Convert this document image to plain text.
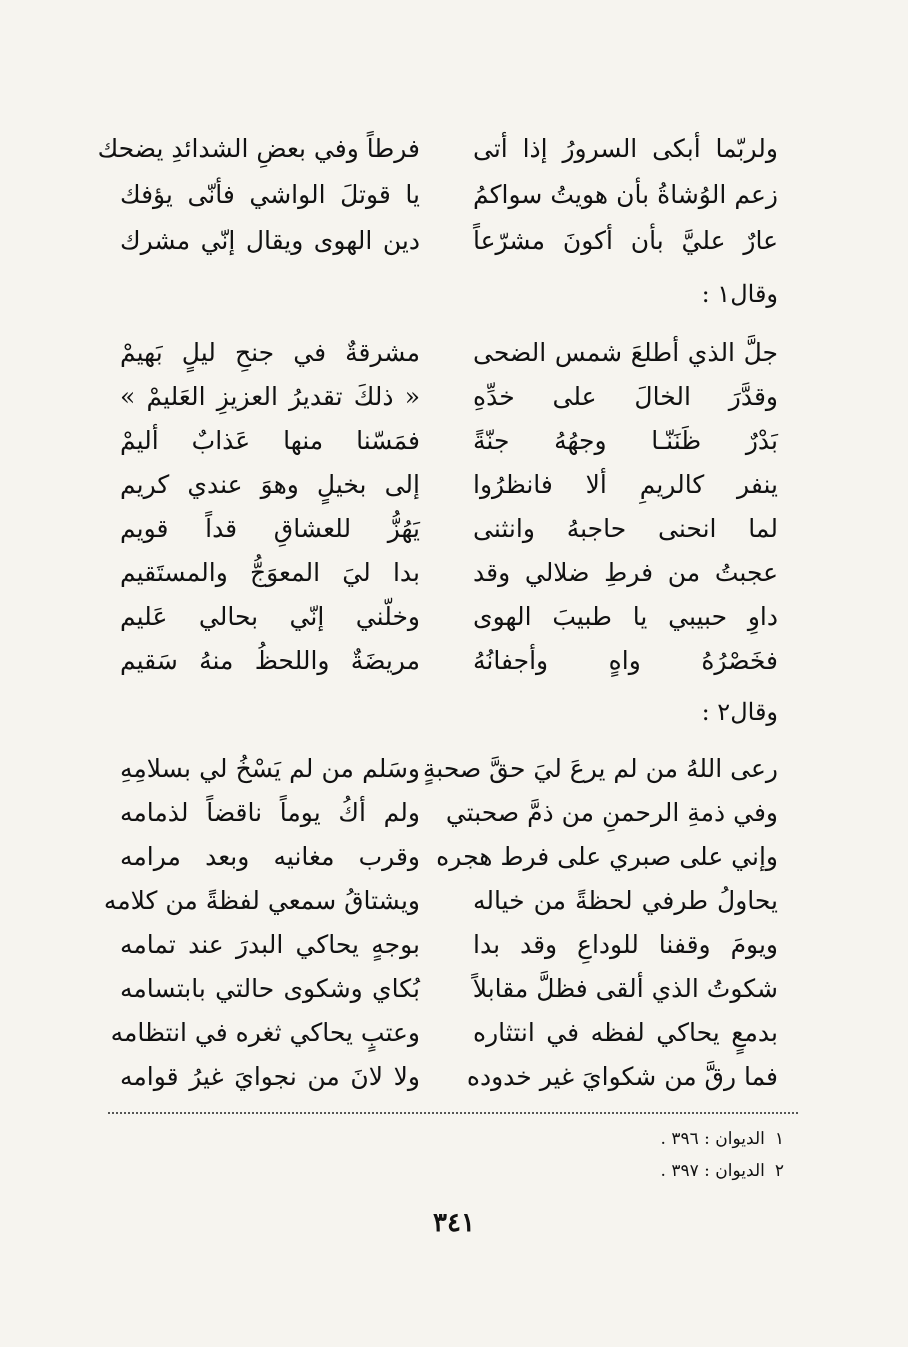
ولربّما أبكى السرورُ إذا أتى
فرطاً وفي بعضِ الشدائدِ يضحك
زعم الوُشاةُ بأن هويتُ سواكمُ
يا قوتلَ الواشي فأنّى يؤفك
عارٌ عليَّ بأن أكونَ مشرّعاً
دين الهوى ويقال إنّي مشرك
وقال١ :
جلَّ الذي أطلعَ شمس الضحى
مشرقةٌ في جنحِ ليلٍ بَهيمْ
وقدَّرَ الخالَ على خدِّهِ
« ذلكَ تقديرُ العزيزِ العَليمْ »
بَدْرٌ ظَنَنّـا وجهُهُ جنّةً
فمَسّنا منها عَذابٌ أليمْ
ينفر كالريمِ ألا فانظرُوا
إلى بخيلٍ وهوَ عندي كريم
لما انحنى حاجبهُ وانثنى
يَهُزُّ للعشاقِ قداً قويم
عجبتُ من فرطِ ضلالي وقد
بدا ليَ المعوَجُّ والمستَقيم
داوِ حبيبي يا طبيبَ الهوى
وخلّني إنّي بحالي عَليم
فخَصْرُهُ واهٍ وأجفانُهُ
مريضَةٌ واللحظُ منهُ سَقيم
وقال٢ :
رعى اللهُ من لم يرعَ ليَ حقَّ صحبةٍ
وسَلم من لم يَسْخُ لي بسلامِهِ
وفي ذمةِ الرحمنِ من ذمَّ صحبتي
ولم أكُ يوماً ناقضاً لذمامه
وإني على صبري على فرط هجره
وقرب مغانيه وبعد مرامه
يحاولُ طرفي لحظةً من خياله
ويشتاقُ سمعي لفظةً من كلامه
ويومَ وقفنا للوداعِ وقد بدا
بوجهٍ يحاكي البدرَ عند تمامه
شكوتُ الذي ألقى فظلَّ مقابلاً
بُكاي وشكوى حالتي بابتسامه
بدمعٍ يحاكي لفظه في انتثاره
وعتبٍ يحاكي ثغره في انتظامه
فما رقَّ من شكوايَ غير خدوده
ولا لانَ من نجوايَ غيرُ قوامه
١الديوان : ٣٩٦ .
٢الديوان : ٣٩٧ .
٣٤١
